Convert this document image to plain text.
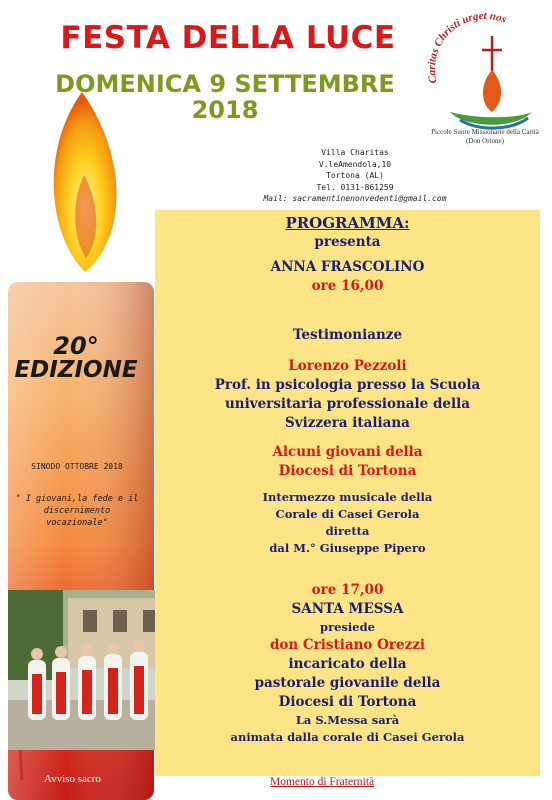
Caritas Christi urget nos
Piccole Suore Missionarie della Carità
(Don Orione)
FESTA DELLA LUCE
DOMENICA 9 SETTEMBRE
2018
Villa Charitas
V.leAmendola,10
Tortona (AL)
Tel. 0131-861259
Mail: sacramentinenonvedenti@gmail.com
20°
EDIZIONE
SINODO OTTOBRE 2018
" I giovani,la fede e il
discernimento
vocazionale"
Avviso sacro
PROGRAMMA:
presenta
ANNA FRASCOLINO
ore 16,00
Testimonianze
Lorenzo Pezzoli
Prof. in psicologia presso la Scuola
universitaria professionale della
Svizzera italiana
Alcuni giovani della
Diocesi di Tortona
Intermezzo musicale della
Corale di Casei Gerola
diretta
dal M.° Giuseppe Pipero
ore 17,00
SANTA MESSA
presiede
don Cristiano Orezzi
incaricato della
pastorale giovanile della
Diocesi di Tortona
La S.Messa sarà
animata dalla corale di Casei Gerola
Momento di Fraternità
